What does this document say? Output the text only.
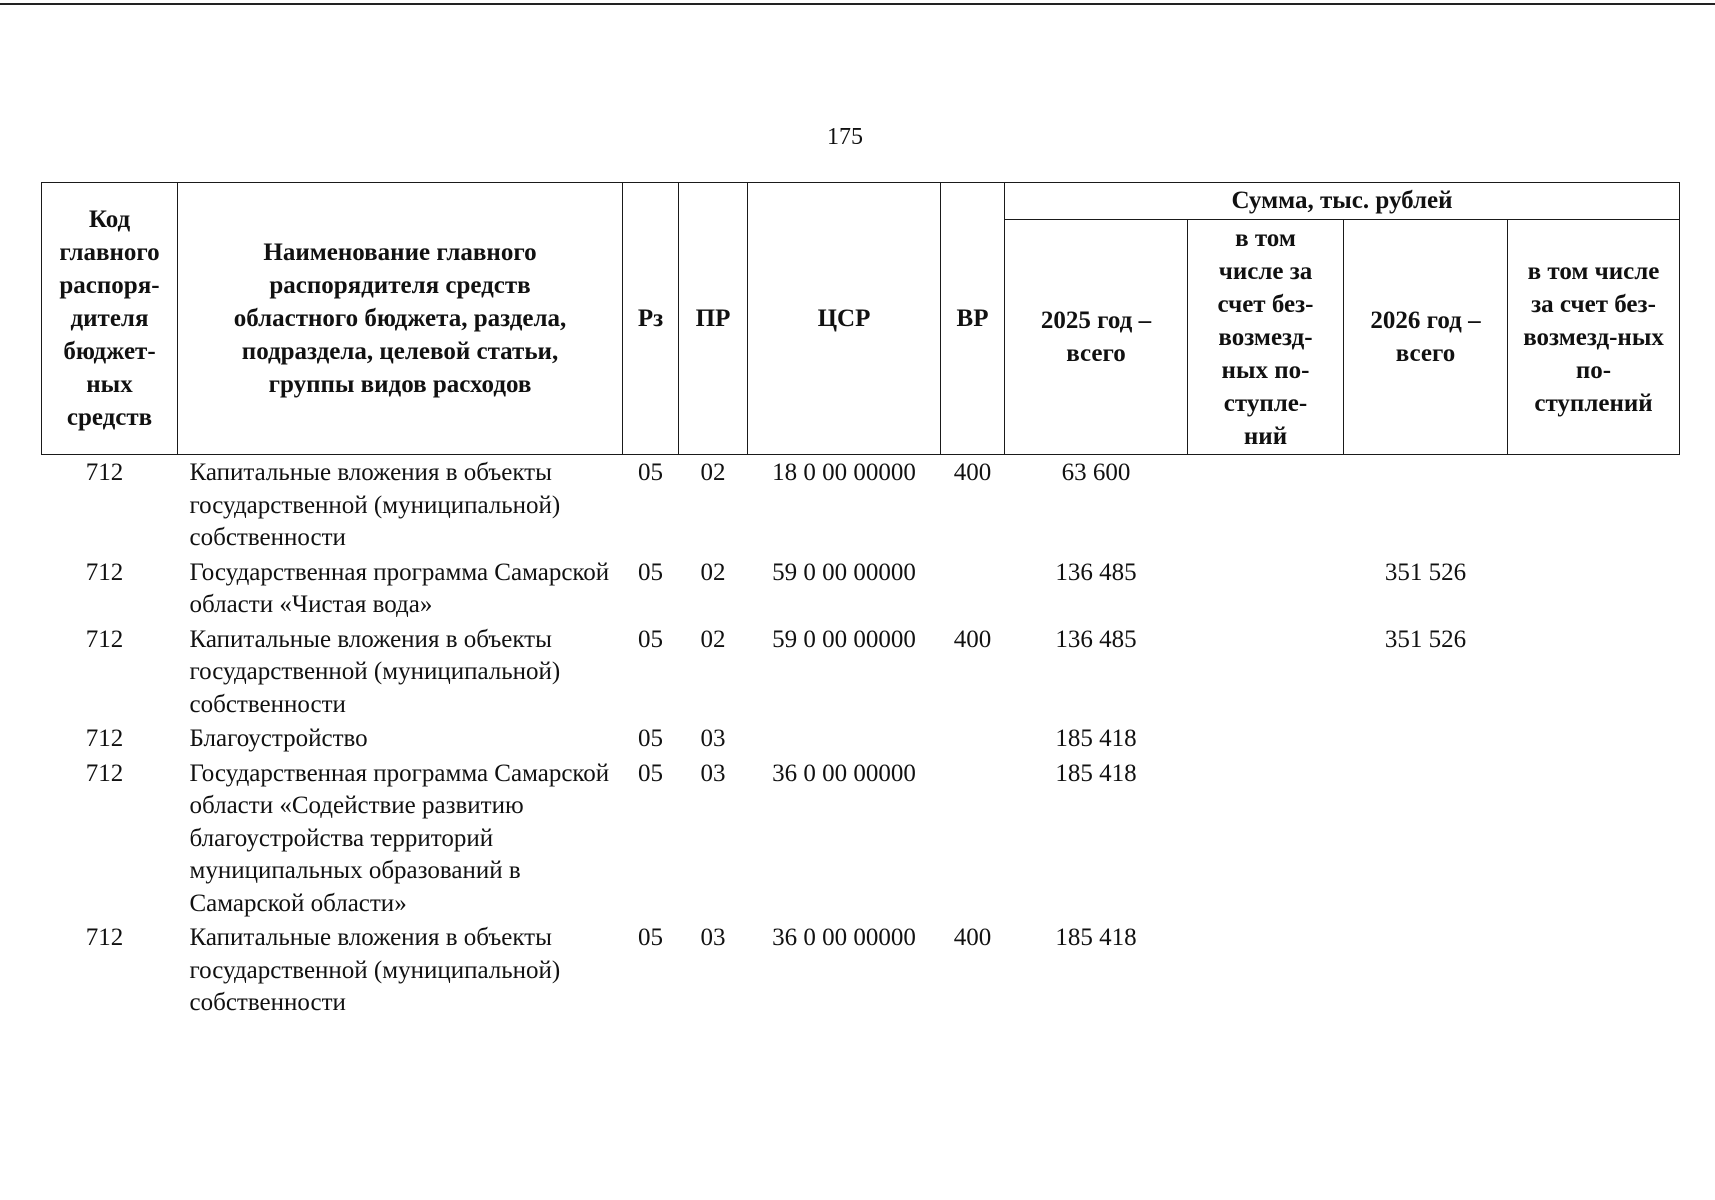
175
Код главного распоря-дителя бюджет-ных средств	Наименование главного распорядителя средств областного бюджета, раздела, подраздела, целевой статьи, группы видов расходов	Рз	ПР	ЦСР	ВР	Сумма, тыс. рублей			
						2025 год – всего	в том числе за счет без-возмезд-ных по-ступле-ний	2026 год – всего	в том числе за счет без-возмезд-ных по-ступлений
712	Капитальные вложения в объекты государственной (муниципальной) собственности	05	02	18 0 00 00000	400	63 600			
712	Государственная программа Самарской области «Чистая вода»	05	02	59 0 00 00000		136 485		351 526	
712	Капитальные вложения в объекты государственной (муниципальной) собственности	05	02	59 0 00 00000	400	136 485		351 526	
712	Благоустройство	05	03			185 418			
712	Государственная программа Самарской области «Содействие развитию благоустройства территорий муниципальных образований в Самарской области»	05	03	36 0 00 00000		185 418			
712	Капитальные вложения в объекты государственной (муниципальной) собственности	05	03	36 0 00 00000	400	185 418			
